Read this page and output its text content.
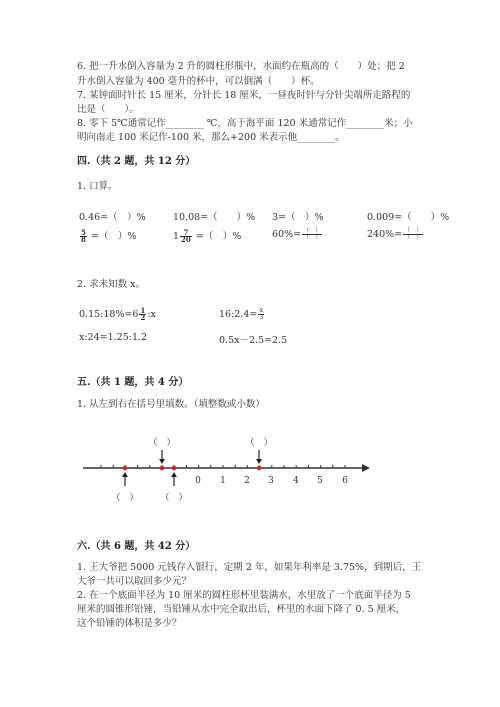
6. 把一升水倒入容量为 2 升的圆柱形瓶中，水面约在瓶高的（　　）处；把 2
升水倒入容量为 400 毫升的杯中，可以倒满（　　）杯。
7. 某钟面时针长 15 厘米，分针长 18 厘米，一昼夜时针与分针尖端所走路程的
比是（　　）。
8. 零下 5℃通常记作________ ℃，高于海平面 120 米通常记作________米；小
明向南走 100 米记作-100 米，那么+200 米表示他________。
四.（共 2 题，共 12 分）
1. 口算。
0.46=（　）%	10.08=（　　）% 3=（　）%	0.009=（　　）%
$\frac{5}{8}$ =（　）%	$1 \frac{7}{20}$ =（　）%	$60\%= \frac{( )}{( )}$	$240\%= \frac{( )}{( )}$
2. 求未知数 x。
0.15:18%=6 $\frac{1}{2}$ :x	16:2.4= $\frac{x}{3}$
x:24=1.25:1.2	0.5x－2.5=2.5
五.（共 1 题，共 4 分）
1. 从左到右在括号里填数。（填整数或小数）
0 1 2 3 4 5 6
（　）	（　）
（　） （　）
六.（共 6 题，共 42 分）
1. 王大爷把 5000 元钱存入银行，定期 2 年，如果年利率是 3.75%，到期后，王
大爷一共可以取回多少元？
2. 在一个底面半径为 10 厘米的圆柱形杯里装满水，水里放了一个底面半径为 5
厘米的圆锥形铅锤，当铅锤从水中完全取出后，杯里的水面下降了 0. 5 厘米，
这个铅锤的体积是多少？
